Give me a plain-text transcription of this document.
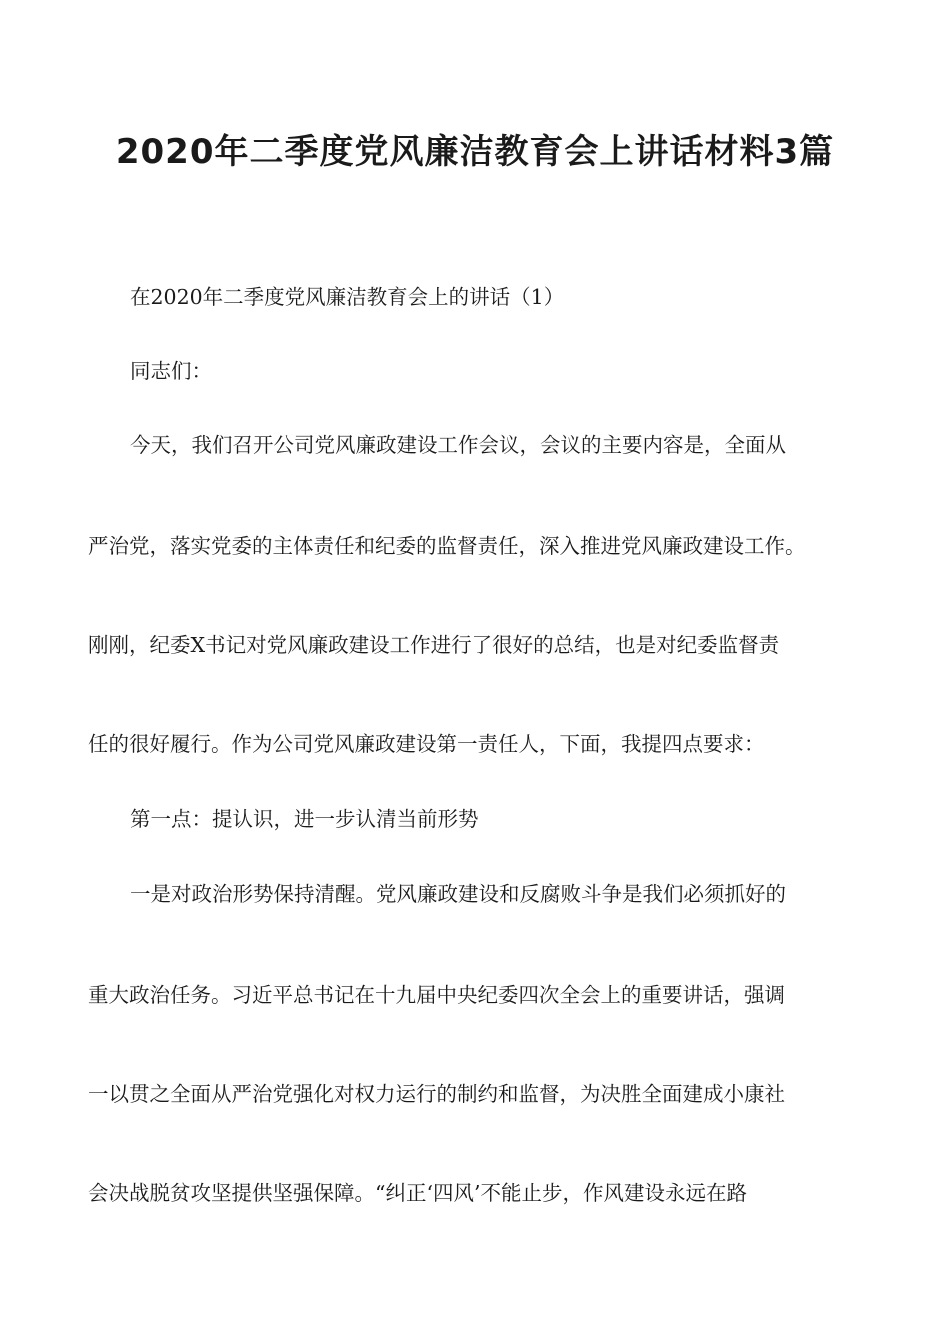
2020年二季度党风廉洁教育会上讲话材料3篇
在2020年二季度党风廉洁教育会上的讲话（1）
同志们：
今天，我们召开公司党风廉政建设工作会议，会议的主要内容是，全面从
严治党，落实党委的主体责任和纪委的监督责任，深入推进党风廉政建设工作。
刚刚，纪委X书记对党风廉政建设工作进行了很好的总结，也是对纪委监督责
任的很好履行。作为公司党风廉政建设第一责任人，下面，我提四点要求：
第一点：提认识，进一步认清当前形势
一是对政治形势保持清醒。党风廉政建设和反腐败斗争是我们必须抓好的
重大政治任务。习近平总书记在十九届中央纪委四次全会上的重要讲话，强调
一以贯之全面从严治党强化对权力运行的制约和监督，为决胜全面建成小康社
会决战脱贫攻坚提供坚强保障。“纠正‘四风’不能止步，作风建设永远在路
